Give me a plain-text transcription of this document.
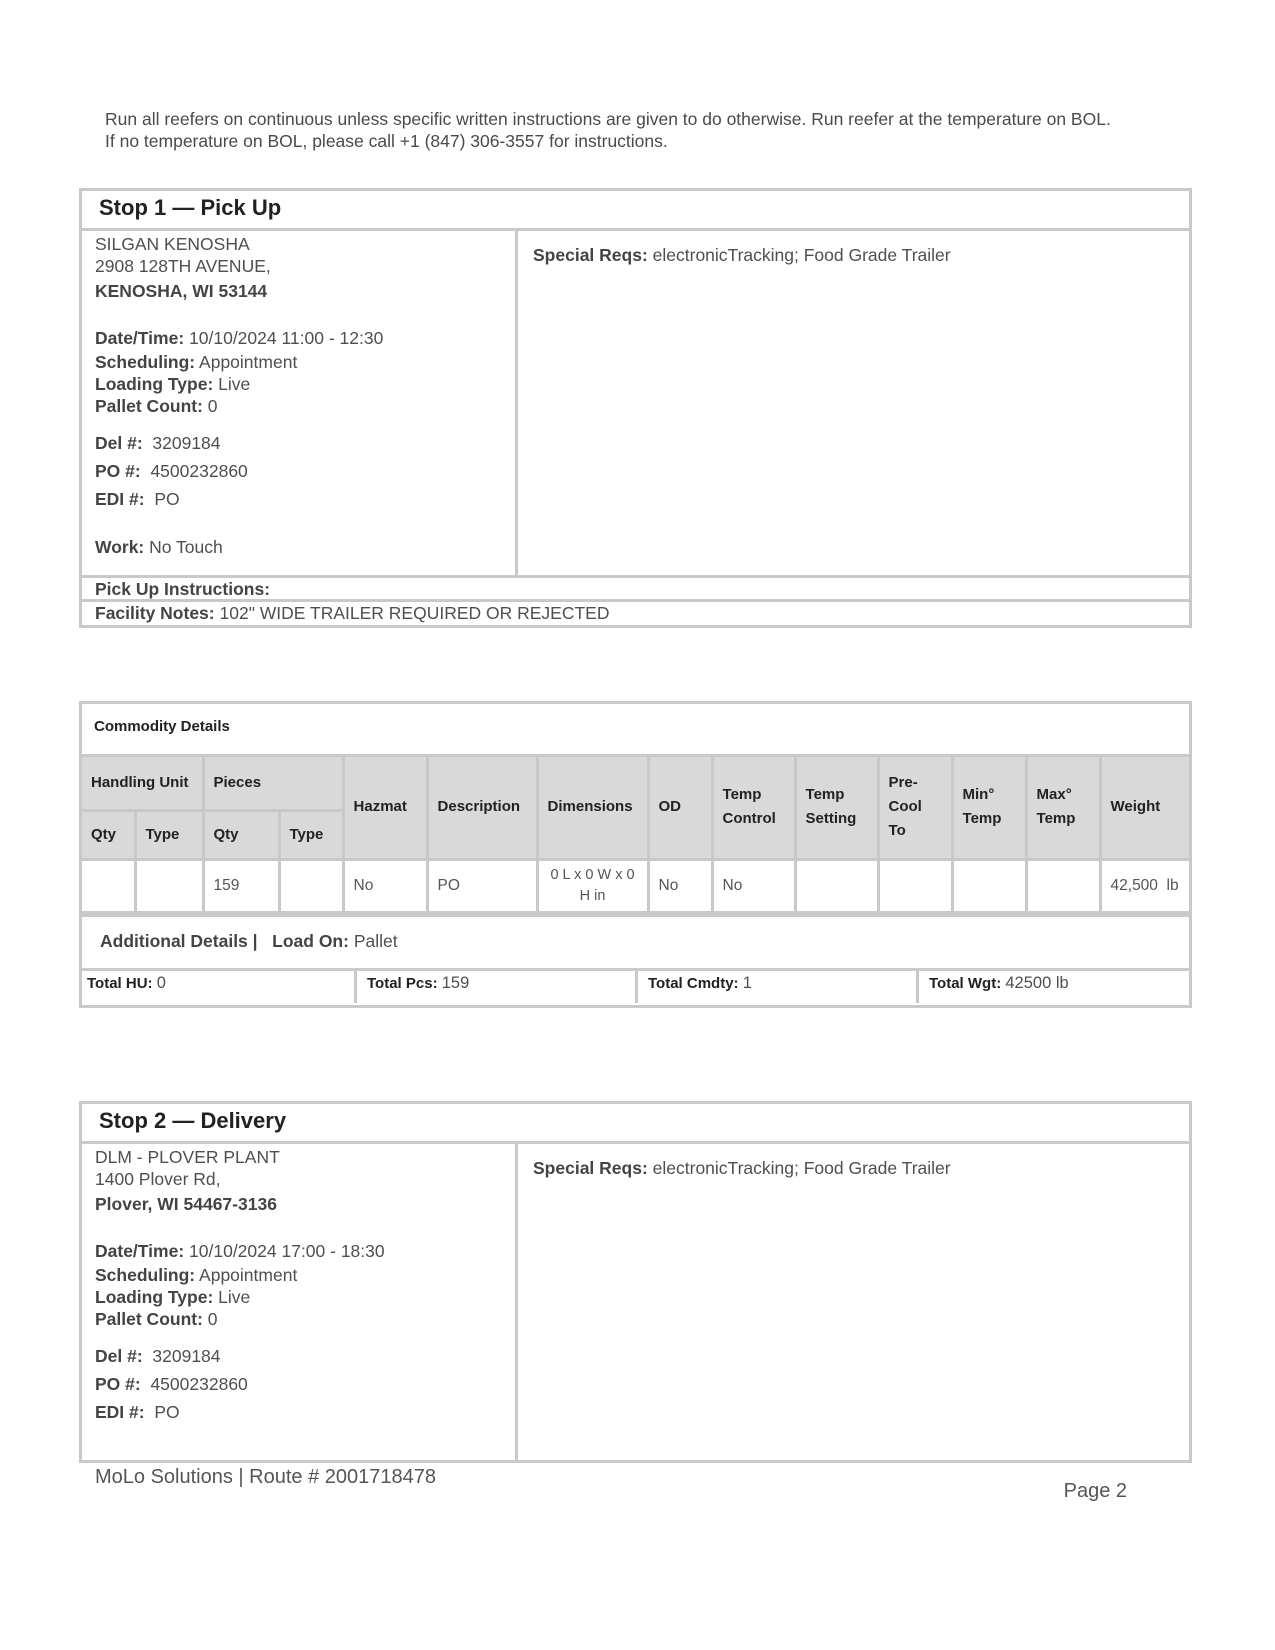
Run all reefers on continuous unless specific written instructions are given to do otherwise. Run reefer at the temperature on BOL.

If no temperature on BOL, please call +1 (847) 306-3557 for instructions.

Stop 1 — Pick Up
SILGAN KENOSHA
2908 128TH AVENUE,
KENOSHA, WI 53144
Date/Time: 10/10/2024 11:00 - 12:30
Scheduling: Appointment
Loading Type: Live
Pallet Count: 0
Del #: 3209184
PO #: 4500232860
EDI #: PO
Work: No Touch
Special Reqs: electronicTracking; Food Grade Trailer
Pick Up Instructions:
Facility Notes: 102" WIDE TRAILER REQUIRED OR REJECTED
Commodity Details
Handling Unit		Pieces		Hazmat	Description	Dimensions	OD	Temp Control	Temp Setting	Pre-Cool To	Min° Temp	Max° Temp	Weight
Qty	Type	Qty	Type										
		159		No	PO	0 L x 0 W x 0 H in	No	No					42,500  lb
Additional Details | Load On: Pallet
Total HU: 0	Total Pcs: 159	Total Cmdty: 1	Total Wgt: 42500 lb
Stop 2 — Delivery
DLM - PLOVER PLANT
1400 Plover Rd,
Plover, WI 54467-3136
Date/Time: 10/10/2024 17:00 - 18:30
Scheduling: Appointment
Loading Type: Live
Pallet Count: 0
Del #: 3209184
PO #: 4500232860
EDI #: PO
Special Reqs: electronicTracking; Food Grade Trailer
MoLo Solutions | Route # 2001718478
Page 2
